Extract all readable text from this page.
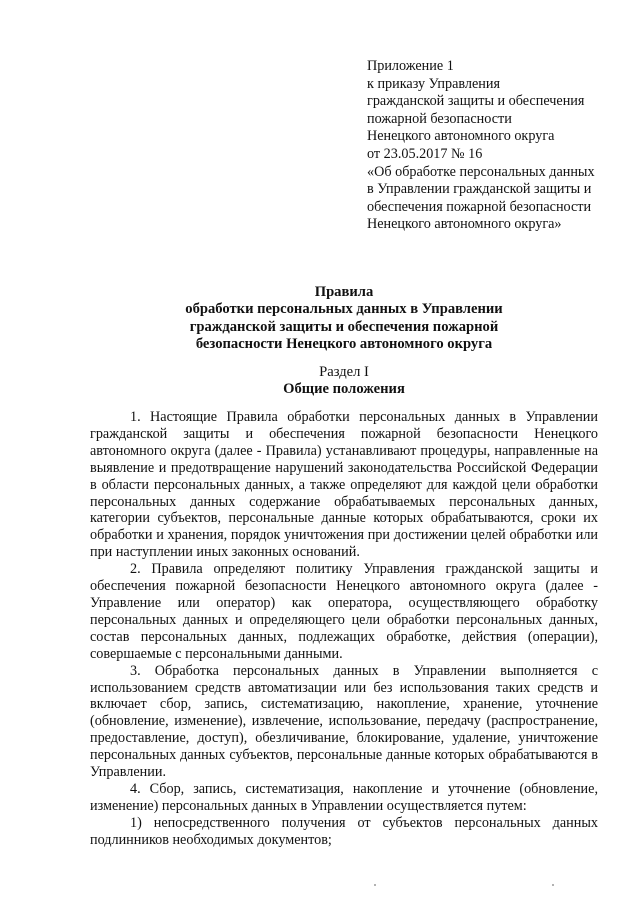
Приложение 1
к приказу Управления
гражданской защиты и обеспечения
пожарной безопасности
Ненецкого автономного округа
от 23.05.2017 № 16
«Об обработке персональных данных
в Управлении гражданской защиты и
обеспечения пожарной безопасности
Ненецкого автономного округа»
Правила
обработки персональных данных в Управлении
гражданской защиты и обеспечения пожарной
безопасности Ненецкого автономного округа
Раздел I
Общие положения

1. Настоящие Правила обработки персональных данных в Управлении гражданской защиты и обеспечения пожарной безопасности Ненецкого автономного округа (далее - Правила) устанавливают процедуры, направленные на выявление и предотвращение нарушений законодательства Российской Федерации в области персональных данных, а также определяют для каждой цели обработки персональных данных содержание обрабатываемых персональных данных, категории субъектов, персональные данные которых обрабатываются, сроки их обработки и хранения, порядок уничтожения при достижении целей обработки или при наступлении иных законных оснований.

2. Правила определяют политику Управления гражданской защиты и обеспечения пожарной безопасности Ненецкого автономного округа (далее - Управление или оператор) как оператора, осуществляющего обработку персональных данных и определяющего цели обработки персональных данных, состав персональных данных, подлежащих обработке, действия (операции), совершаемые с персональными данными.

3. Обработка персональных данных в Управлении выполняется с использованием средств автоматизации или без использования таких средств и включает сбор, запись, систематизацию, накопление, хранение, уточнение (обновление, изменение), извлечение, использование, передачу (распространение, предоставление, доступ), обезличивание, блокирование, удаление, уничтожение персональных данных субъектов, персональные данные которых обрабатываются в Управлении.

4. Сбор, запись, систематизация, накопление и уточнение (обновление, изменение) персональных данных в Управлении осуществляется путем:

1) непосредственного получения от субъектов персональных данных подлинников необходимых документов;
